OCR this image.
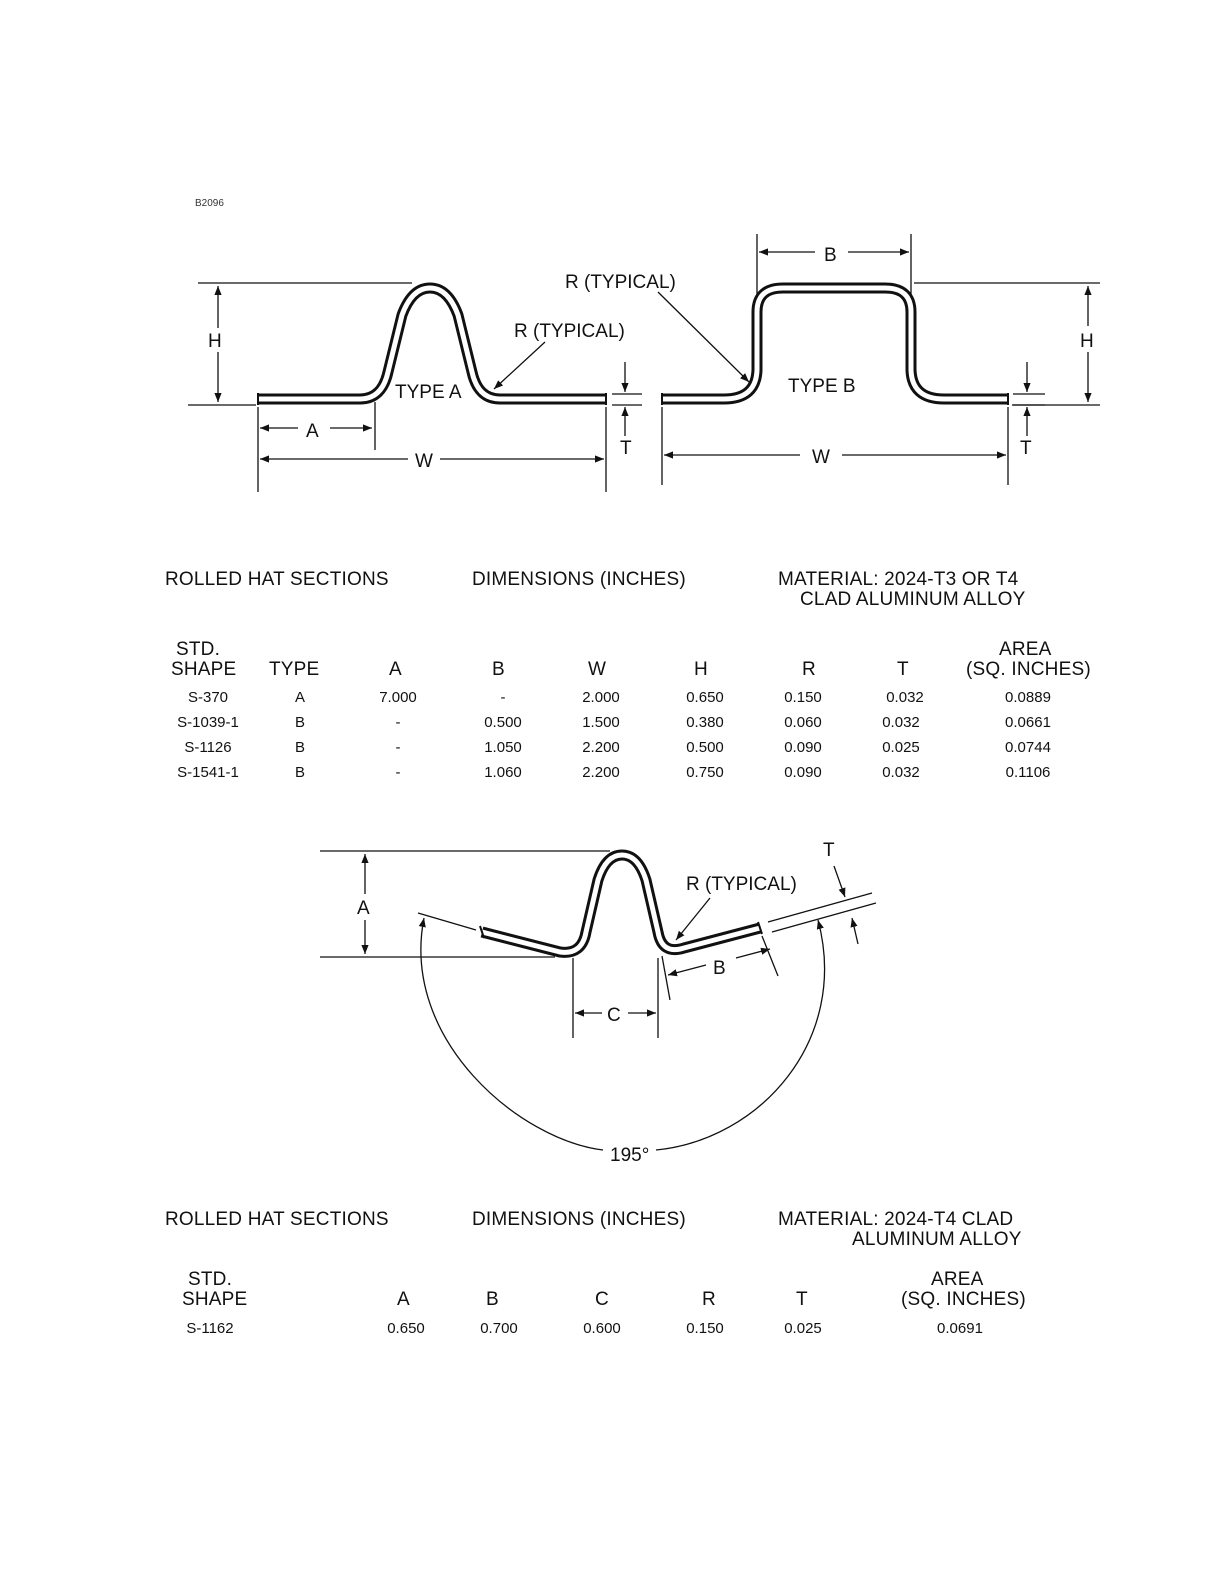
B2096
H
A
W
T
TYPE A
R (TYPICAL)
B
H
T
W
TYPE B
R (TYPICAL)
ROLLED HAT SECTIONS	DIMENSIONS (INCHES)	MATERIAL: 2024-T3 OR T4
CLAD ALUMINUM ALLOY
STD.
SHAPE TYPE	A	B	W	H	R	T
AREA
(SQ. INCHES)
S-370	A	7.000	-	2.000	0.650	0.150	0.032	0.0889
S-1039-1	B	-	0.500	1.500	0.380	0.060	0.032	0.0661
S-1126	B	-	1.050	2.200	0.500	0.090	0.025	0.0744
S-1541-1	B	-	1.060	2.200	0.750	0.090	0.032	0.1106
A
C
B
T
R (TYPICAL)
195°
ROLLED HAT SECTIONS	DIMENSIONS (INCHES)	MATERIAL: 2024-T4 CLAD
ALUMINUM ALLOY
STD.
SHAPE	A	B	C	R	T
AREA
(SQ. INCHES)
S-1162	0.650	0.700	0.600	0.150	0.025	0.0691
